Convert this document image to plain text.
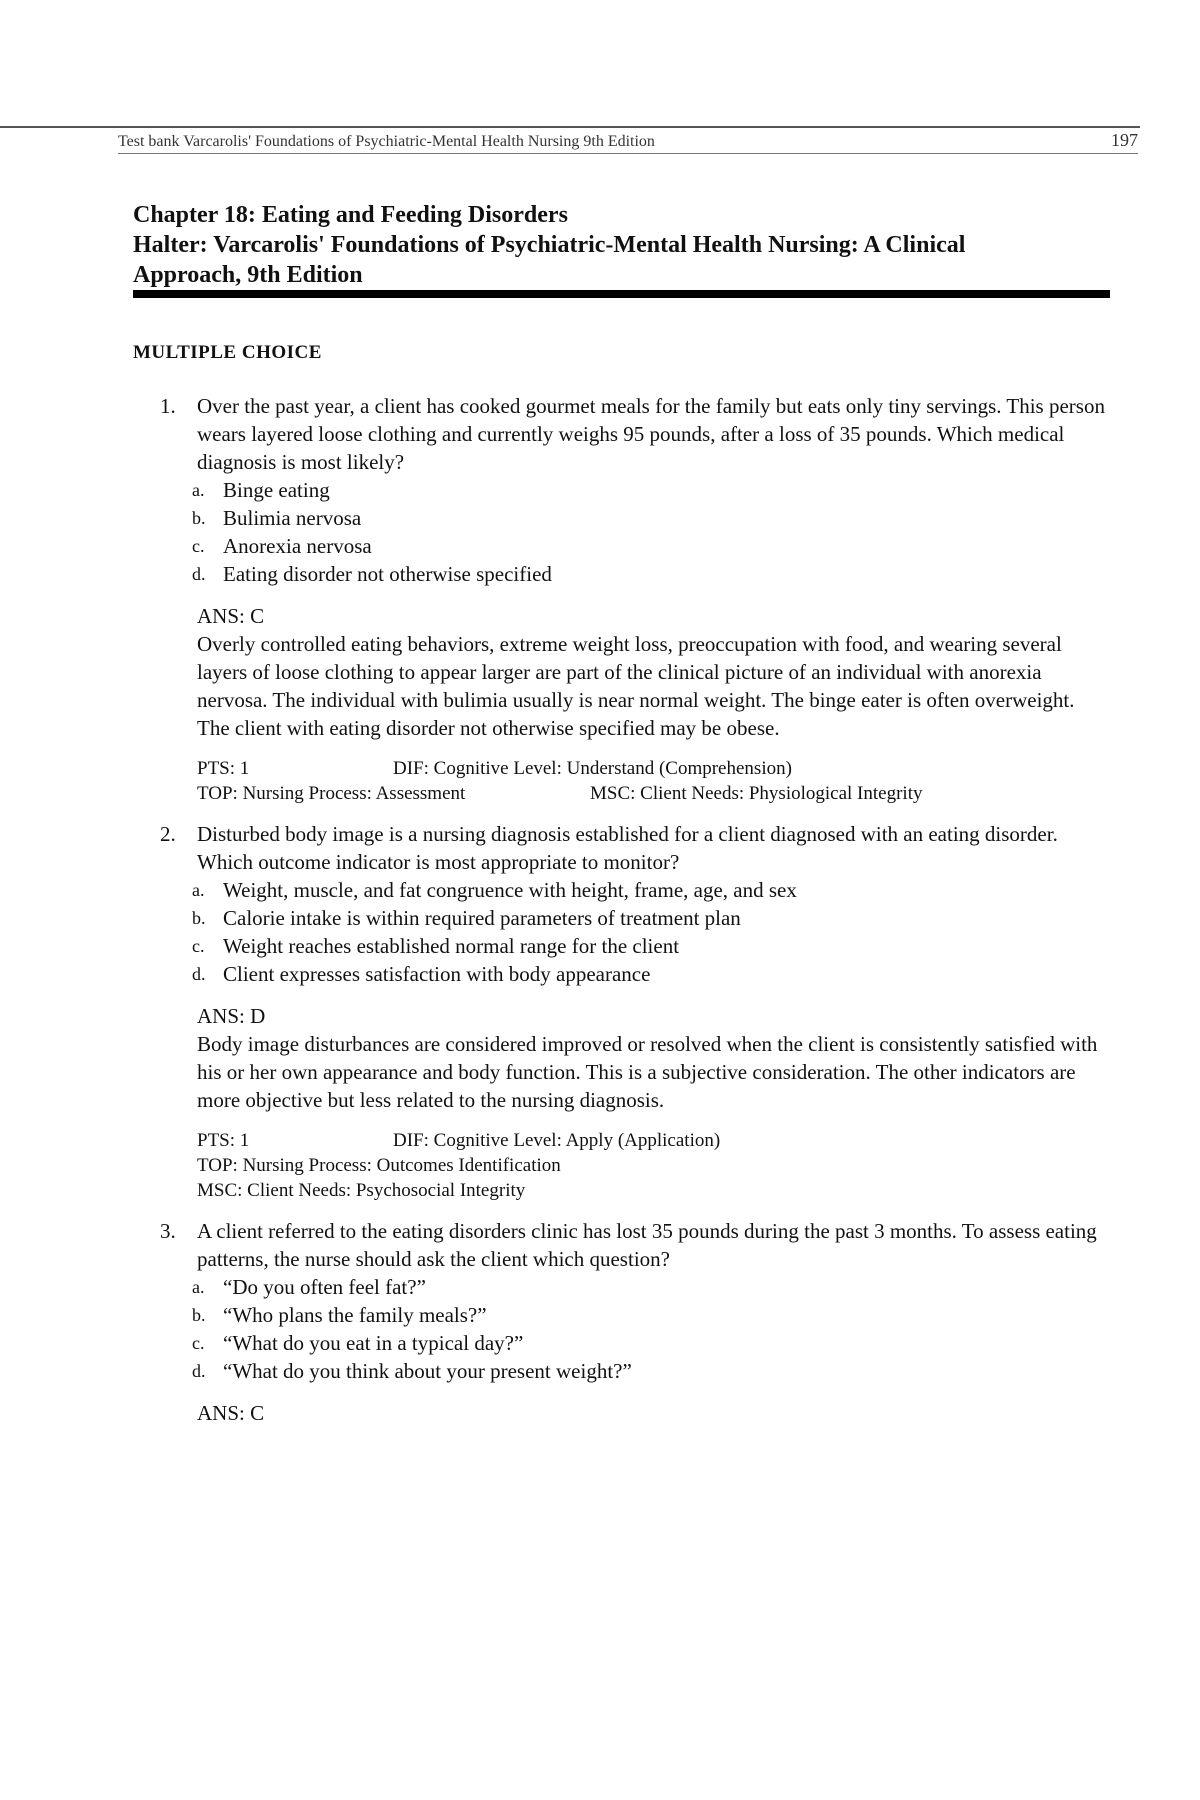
Test bank Varcarolis' Foundations of Psychiatric-Mental Health Nursing 9th Edition	197
Chapter 18: Eating and Feeding Disorders
Halter: Varcarolis' Foundations of Psychiatric-Mental Health Nursing: A Clinical
Approach, 9th Edition
MULTIPLE CHOICE
1.	Over the past year, a client has cooked gourmet meals for the family but eats only tiny servings. This person wears layered loose clothing and currently weighs 95 pounds, after a loss of 35 pounds. Which medical diagnosis is most likely?
a. Binge eating
b. Bulimia nervosa
c. Anorexia nervosa
d. Eating disorder not otherwise specified
ANS: C
Overly controlled eating behaviors, extreme weight loss, preoccupation with food, and wearing several layers of loose clothing to appear larger are part of the clinical picture of an individual with anorexia nervosa. The individual with bulimia usually is near normal weight. The binge eater is often overweight. The client with eating disorder not otherwise specified may be obese.
PTS: 1	DIF: Cognitive Level: Understand (Comprehension)
TOP: Nursing Process: Assessment	MSC: Client Needs: Physiological Integrity
2.	Disturbed body image is a nursing diagnosis established for a client diagnosed with an eating disorder. Which outcome indicator is most appropriate to monitor?
a. Weight, muscle, and fat congruence with height, frame, age, and sex
b. Calorie intake is within required parameters of treatment plan
c. Weight reaches established normal range for the client
d. Client expresses satisfaction with body appearance
ANS: D
Body image disturbances are considered improved or resolved when the client is consistently satisfied with his or her own appearance and body function. This is a subjective consideration. The other indicators are more objective but less related to the nursing diagnosis.
PTS: 1	DIF: Cognitive Level: Apply (Application)
TOP: Nursing Process: Outcomes Identification
MSC: Client Needs: Psychosocial Integrity
3.	A client referred to the eating disorders clinic has lost 35 pounds during the past 3 months. To assess eating patterns, the nurse should ask the client which question?
a. “Do you often feel fat?”
b. “Who plans the family meals?”
c. “What do you eat in a typical day?”
d. “What do you think about your present weight?”
ANS: C
